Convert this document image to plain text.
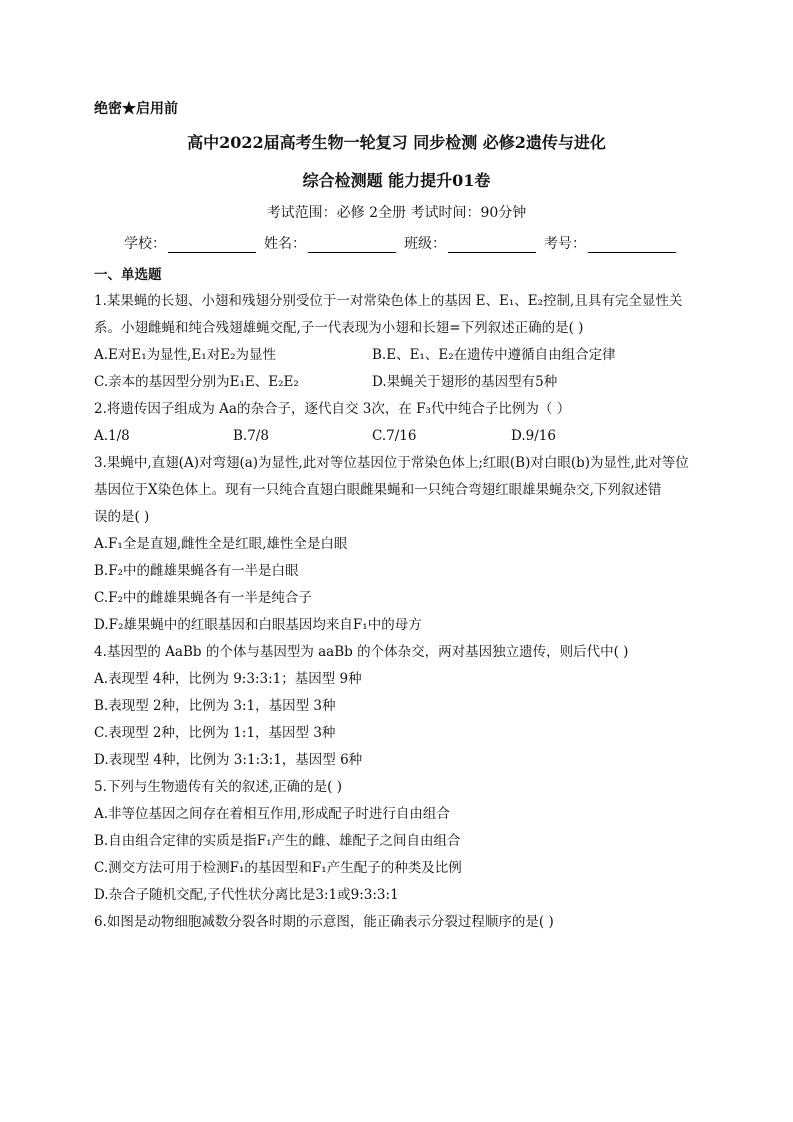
绝密★启用前
高中2022届高考生物一轮复习 同步检测 必修2遗传与进化
综合检测题 能力提升01卷
考试范围：必修 2全册 考试时间：90分钟
学校：	姓名：	班级：	考号：
一、单选题
1.某果蝇的长翅、小翅和残翅分别受位于一对常染色体上的基因 E、E₁、E₂控制,且具有完全显性关
系。小翅雌蝇和纯合残翅雄蝇交配,子一代表现为小翅和长翅=下列叙述正确的是( )
A.E对E₁为显性,E₁对E₂为显性	B.E、E₁、E₂在遗传中遵循自由组合定律
C.亲本的基因型分别为E₁E、E₂E₂	D.果蝇关于翅形的基因型有5种
2.将遗传因子组成为 Aa的杂合子，逐代自交 3次，在 F₃代中纯合子比例为（ ）
A.1/8	B.7/8	C.7/16	D.9/16
3.果蝇中,直翅(A)对弯翅(a)为显性,此对等位基因位于常染色体上;红眼(B)对白眼(b)为显性,此对等位
基因位于X染色体上。现有一只纯合直翅白眼雌果蝇和一只纯合弯翅红眼雄果蝇杂交,下列叙述错
误的是( )
A.F₁全是直翅,雌性全是红眼,雄性全是白眼
B.F₂中的雌雄果蝇各有一半是白眼
C.F₂中的雌雄果蝇各有一半是纯合子
D.F₂雄果蝇中的红眼基因和白眼基因均来自F₁中的母方
4.基因型的 AaBb 的个体与基因型为 aaBb 的个体杂交，两对基因独立遗传，则后代中( )
A.表现型 4种，比例为 9:3:3:1；基因型 9种
B.表现型 2种，比例为 3:1，基因型 3种
C.表现型 2种，比例为 1:1，基因型 3种
D.表现型 4种，比例为 3:1:3:1，基因型 6种
5.下列与生物遗传有关的叙述,正确的是( )
A.非等位基因之间存在着相互作用,形成配子时进行自由组合
B.自由组合定律的实质是指F₁产生的雌、雄配子之间自由组合
C.测交方法可用于检测F₁的基因型和F₁产生配子的种类及比例
D.杂合子随机交配,子代性状分离比是3:1或9:3:3:1
6.如图是动物细胞减数分裂各时期的示意图，能正确表示分裂过程顺序的是( )
